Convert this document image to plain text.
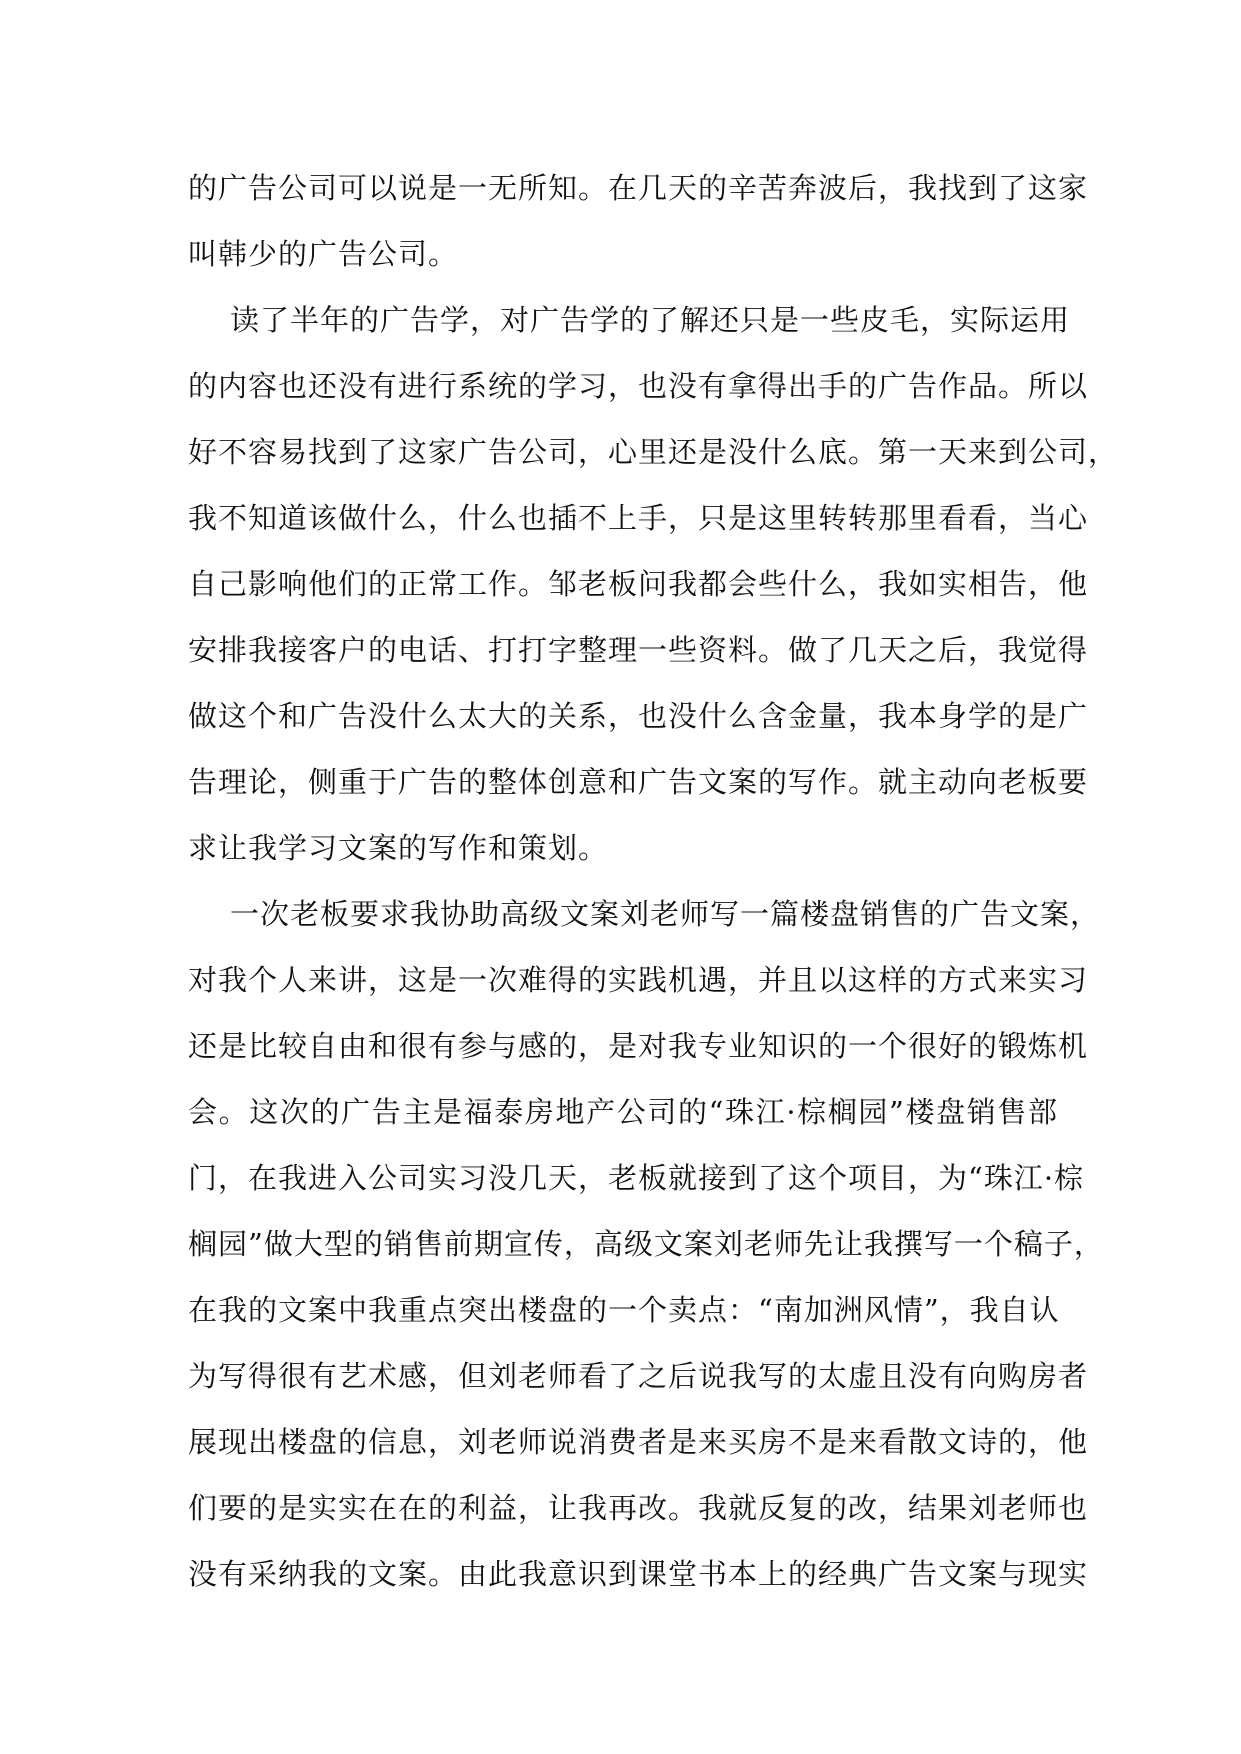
的广告公司可以说是一无所知。在几天的辛苦奔波后，我找到了这家
叫韩少的广告公司。
读了半年的广告学，对广告学的了解还只是一些皮毛，实际运用
的内容也还没有进行系统的学习，也没有拿得出手的广告作品。所以
好不容易找到了这家广告公司，心里还是没什么底。第一天来到公司，
我不知道该做什么，什么也插不上手，只是这里转转那里看看，当心
自己影响他们的正常工作。邹老板问我都会些什么，我如实相告，他
安排我接客户的电话、打打字整理一些资料。做了几天之后，我觉得
做这个和广告没什么太大的关系，也没什么含金量，我本身学的是广
告理论，侧重于广告的整体创意和广告文案的写作。就主动向老板要
求让我学习文案的写作和策划。
一次老板要求我协助高级文案刘老师写一篇楼盘销售的广告文案，
对我个人来讲，这是一次难得的实践机遇，并且以这样的方式来实习
还是比较自由和很有参与感的，是对我专业知识的一个很好的锻炼机
会。这次的广告主是福泰房地产公司的“珠江·棕榈园”楼盘销售部
门，在我进入公司实习没几天，老板就接到了这个项目，为“珠江·棕
榈园”做大型的销售前期宣传，高级文案刘老师先让我撰写一个稿子，
在我的文案中我重点突出楼盘的一个卖点：“南加洲风情”，我自认
为写得很有艺术感，但刘老师看了之后说我写的太虚且没有向购房者
展现出楼盘的信息，刘老师说消费者是来买房不是来看散文诗的，他
们要的是实实在在的利益，让我再改。我就反复的改，结果刘老师也
没有采纳我的文案。由此我意识到课堂书本上的经典广告文案与现实
